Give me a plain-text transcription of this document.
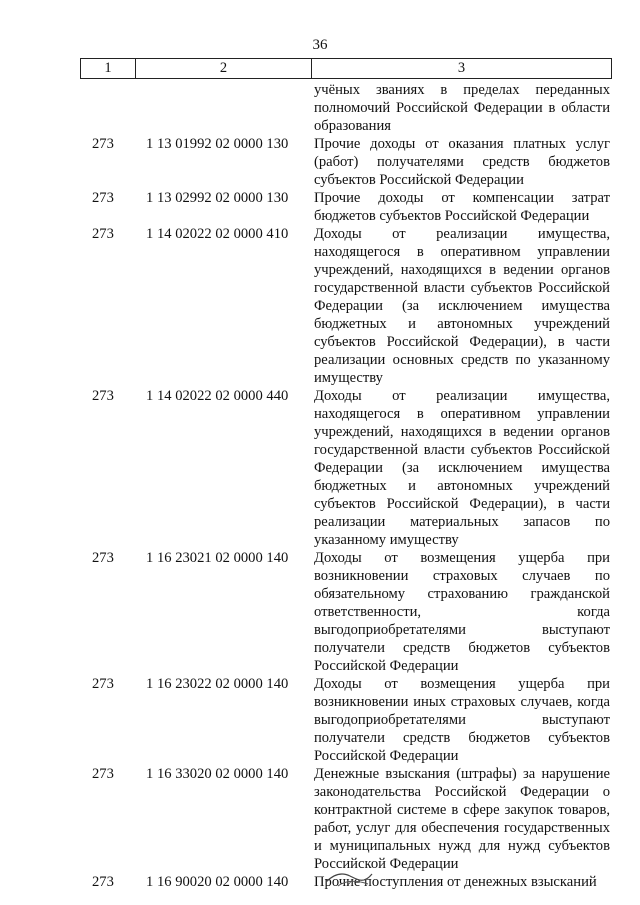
36
1	2	3
учёных званиях в пределах переданных полномочий Российской Федерации в области образования
273	1 13 01992 02 0000 130	Прочие доходы от оказания платных услуг (работ) получателями средств бюджетов субъектов Российской Федерации
273	1 13 02992 02 0000 130	Прочие доходы от компенсации затрат бюджетов субъектов Российской Федерации
273	1 14 02022 02 0000 410	Доходы от реализации имущества, находящегося в оперативном управлении учреждений, находящихся в ведении органов государственной власти субъектов Российской Федерации (за исключением имущества бюджетных и автономных учреждений субъектов Российской Федерации), в части реализации основных средств по указанному имуществу
273	1 14 02022 02 0000 440	Доходы от реализации имущества, находящегося в оперативном управлении учреждений, находящихся в ведении органов государственной власти субъектов Российской Федерации (за исключением имущества бюджетных и автономных учреждений субъектов Российской Федерации), в части реализации материальных запасов по указанному имуществу
273	1 16 23021 02 0000 140	Доходы от возмещения ущерба при возникновении страховых случаев по обязательному страхованию гражданской ответственности, когда выгодоприобретателями выступают получатели средств бюджетов субъектов Российской Федерации
273	1 16 23022 02 0000 140	Доходы от возмещения ущерба при возникновении иных страховых случаев, когда выгодоприобретателями выступают получатели средств бюджетов субъектов Российской Федерации
273	1 16 33020 02 0000 140	Денежные взыскания (штрафы) за нарушение законодательства Российской Федерации о контрактной системе в сфере закупок товаров, работ, услуг для обеспечения государственных и муниципальных нужд для нужд субъектов Российской Федерации
273	1 16 90020 02 0000 140	Прочие поступления от денежных взысканий
